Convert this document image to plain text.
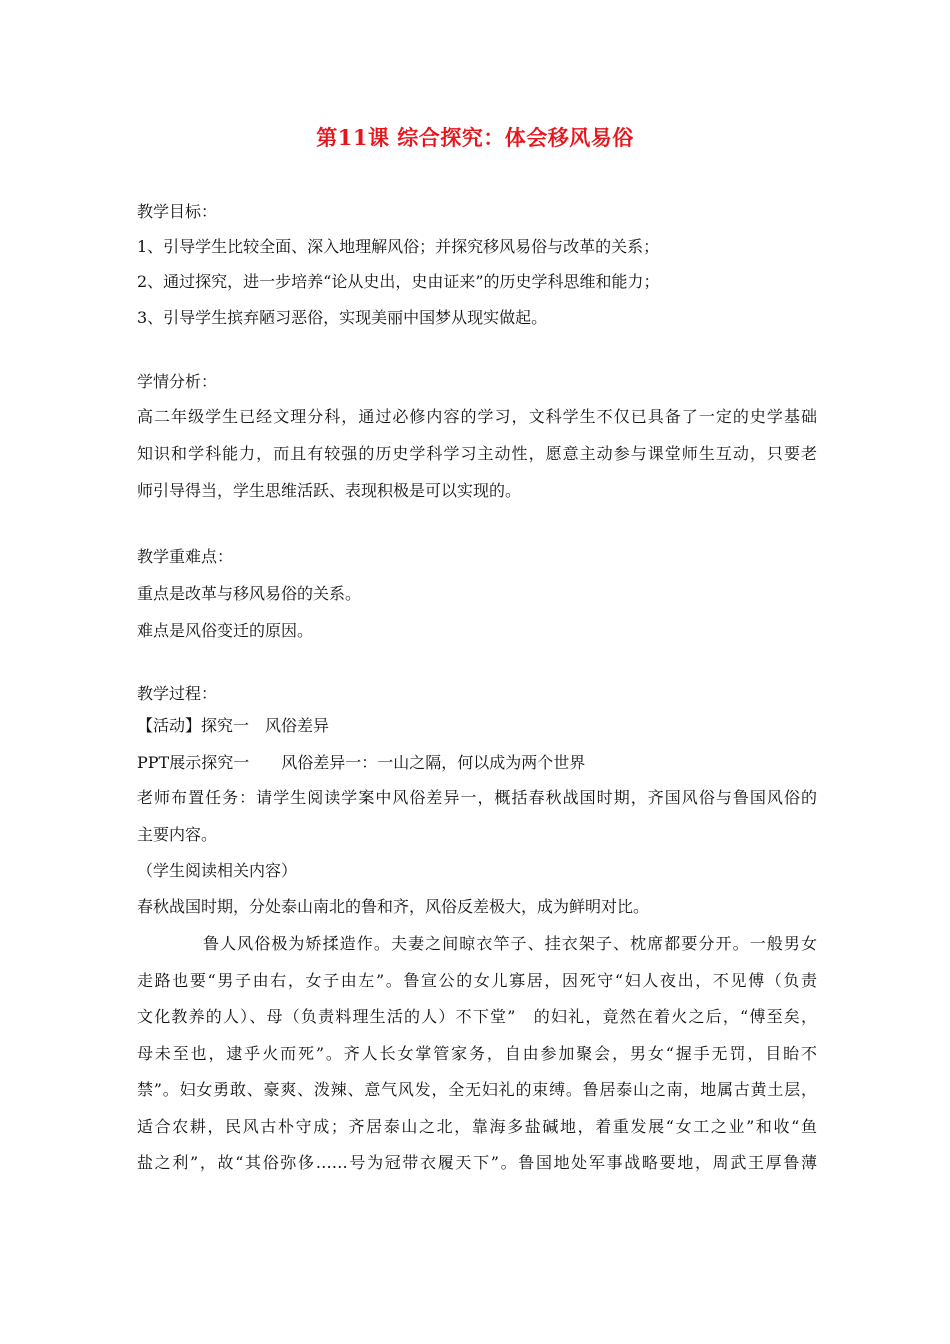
第11课 综合探究：体会移风易俗
教学目标：
1、引导学生比较全面、深入地理解风俗；并探究移风易俗与改革的关系；
2、通过探究，进一步培养“论从史出，史由证来”的历史学科思维和能力；
3、引导学生摈弃陋习恶俗，实现美丽中国梦从现实做起。
学情分析：
高二年级学生已经文理分科，通过必修内容的学习，文科学生不仅已具备了一定的史学基础
知识和学科能力，而且有较强的历史学科学习主动性，愿意主动参与课堂师生互动，只要老
师引导得当，学生思维活跃、表现积极是可以实现的。
教学重难点：
重点是改革与移风易俗的关系。
难点是风俗变迁的原因。
教学过程：
【活动】探究一　风俗差异
PPT展示探究一　　风俗差异一：一山之隔，何以成为两个世界
老师布置任务：请学生阅读学案中风俗差异一，概括春秋战国时期，齐国风俗与鲁国风俗的
主要内容。
（学生阅读相关内容）
春秋战国时期，分处泰山南北的鲁和齐，风俗反差极大，成为鲜明对比。
鲁人风俗极为矫揉造作。夫妻之间晾衣竿子、挂衣架子、枕席都要分开。一般男女
走路也要“男子由右，女子由左”。鲁宣公的女儿寡居，因死守“妇人夜出，不见傅（负责
文化教养的人）、母（负责料理生活的人）不下堂”　的妇礼，竟然在着火之后，“傅至矣，
母未至也，逮乎火而死”。齐人长女掌管家务，自由参加聚会，男女“握手无罚，目眙不
禁”。妇女勇敢、豪爽、泼辣、意气风发，全无妇礼的束缚。鲁居泰山之南，地属古黄土层，
适合农耕，民风古朴守成；齐居泰山之北，靠海多盐碱地，着重发展“女工之业”和收“鱼
盐之利”，故“其俗弥侈……号为冠带衣履天下”。鲁国地处军事战略要地，周武王厚鲁薄
